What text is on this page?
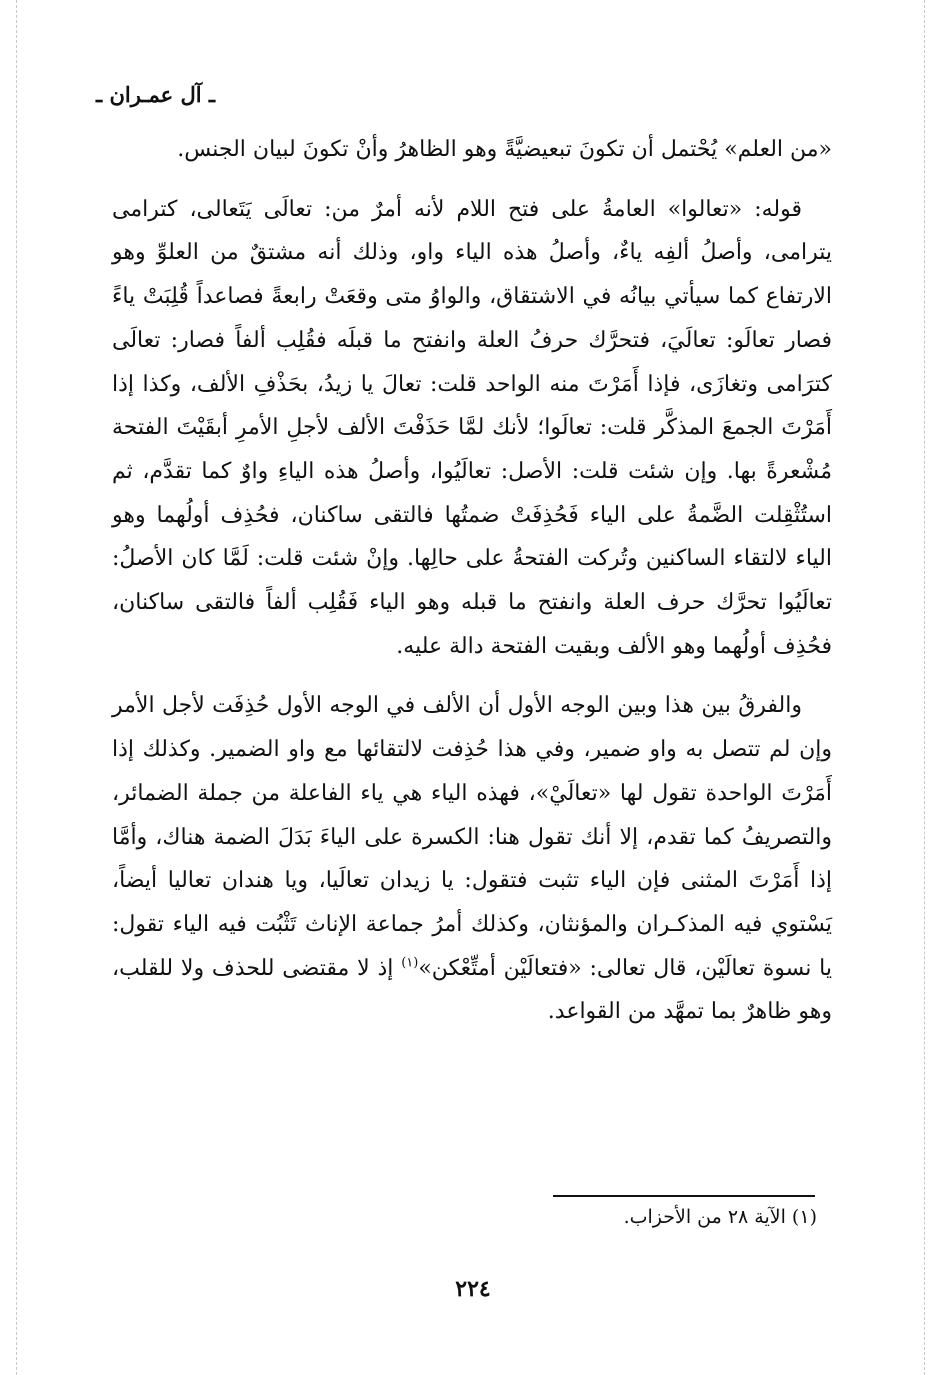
ـ آل عمـران ـ

«من العلم» يُحْتمل أن تكونَ تبعيضيَّةً وهو الظاهرُ وأنْ تكونَ لبيان الجنس.

قوله: «تعالوا» العامةُ على فتح اللام لأنه أمرٌ من: تعالَى يَتَعالى، كترامى يترامى، وأصلُ ألفِه ياءٌ، وأصلُ هذه الياء واو، وذلك أنه مشتقٌ من العلوِّ وهو الارتفاع كما سيأتي بيانُه في الاشتقاق، والواوُ متى وقعَتْ رابعةً فصاعداً قُلِبَتْ ياءً فصار تعالَو: تعالَيَ، فتحرَّك حرفُ العلة وانفتح ما قبلَه فقُلِب ألفاً فصار: تعالَى كترَامى وتغازَى، فإذا أَمَرْتَ منه الواحد قلت: تعالَ يا زيدُ، بحَذْفِ الألف، وكذا إذا أَمَرْتَ الجمعَ المذكَّر قلت: تعالَوا؛ لأنك لمَّا حَذَفْتَ الألف لأجلِ الأمرِ أبقَيْتَ الفتحة مُشْعرةً بها. وإن شئت قلت: الأصل: تعالَيُوا، وأصلُ هذه الياءِ واوٌ كما تقدَّم، ثم استُثْقِلت الضَّمةُ على الياء فَحُذِفَتْ ضمتُها فالتقى ساكنان، فحُذِف أولُهما وهو الياء لالتقاء الساكنين وتُركت الفتحةُ على حالِها. وإنْ شئت قلت: لَمَّا كان الأصلُ: تعالَيُوا تحرَّك حرف العلة وانفتح ما قبله وهو الياء فَقُلِب ألفاً فالتقى ساكنان، فحُذِف أولُهما وهو الألف وبقيت الفتحة دالة عليه.

والفرقُ بين هذا وبين الوجه الأول أن الألف في الوجه الأول حُذِفَت لأجل الأمر وإن لم تتصل به واو ضمير، وفي هذا حُذِفت لالتقائها مع واو الضمير. وكذلك إذا أَمَرْتَ الواحدة تقول لها «تعالَيْ»، فهذه الياء هي ياء الفاعلة من جملة الضمائر، والتصريفُ كما تقدم، إلا أنك تقول هنا: الكسرة على الياءَ بَدَلَ الضمة هناك، وأمَّا إذا أَمَرْتَ المثنى فإن الياء تثبت فتقول: يا زيدان تعالَيا، ويا هندان تعاليا أيضاً، يَسْتوي فيه المذكـران والمؤنثان، وكذلك أمرُ جماعة الإناث تَثْبُت فيه الياء تقول: يا نسوة تعالَيْن، قال تعالى: «فتعالَيْن أمتِّعْكن»$^{(١)}$ إذ لا مقتضى للحذف ولا للقلب، وهو ظاهرٌ بما تمهَّد من القواعد.

(١) الآية ٢٨ من الأحزاب.
٢٢٤
